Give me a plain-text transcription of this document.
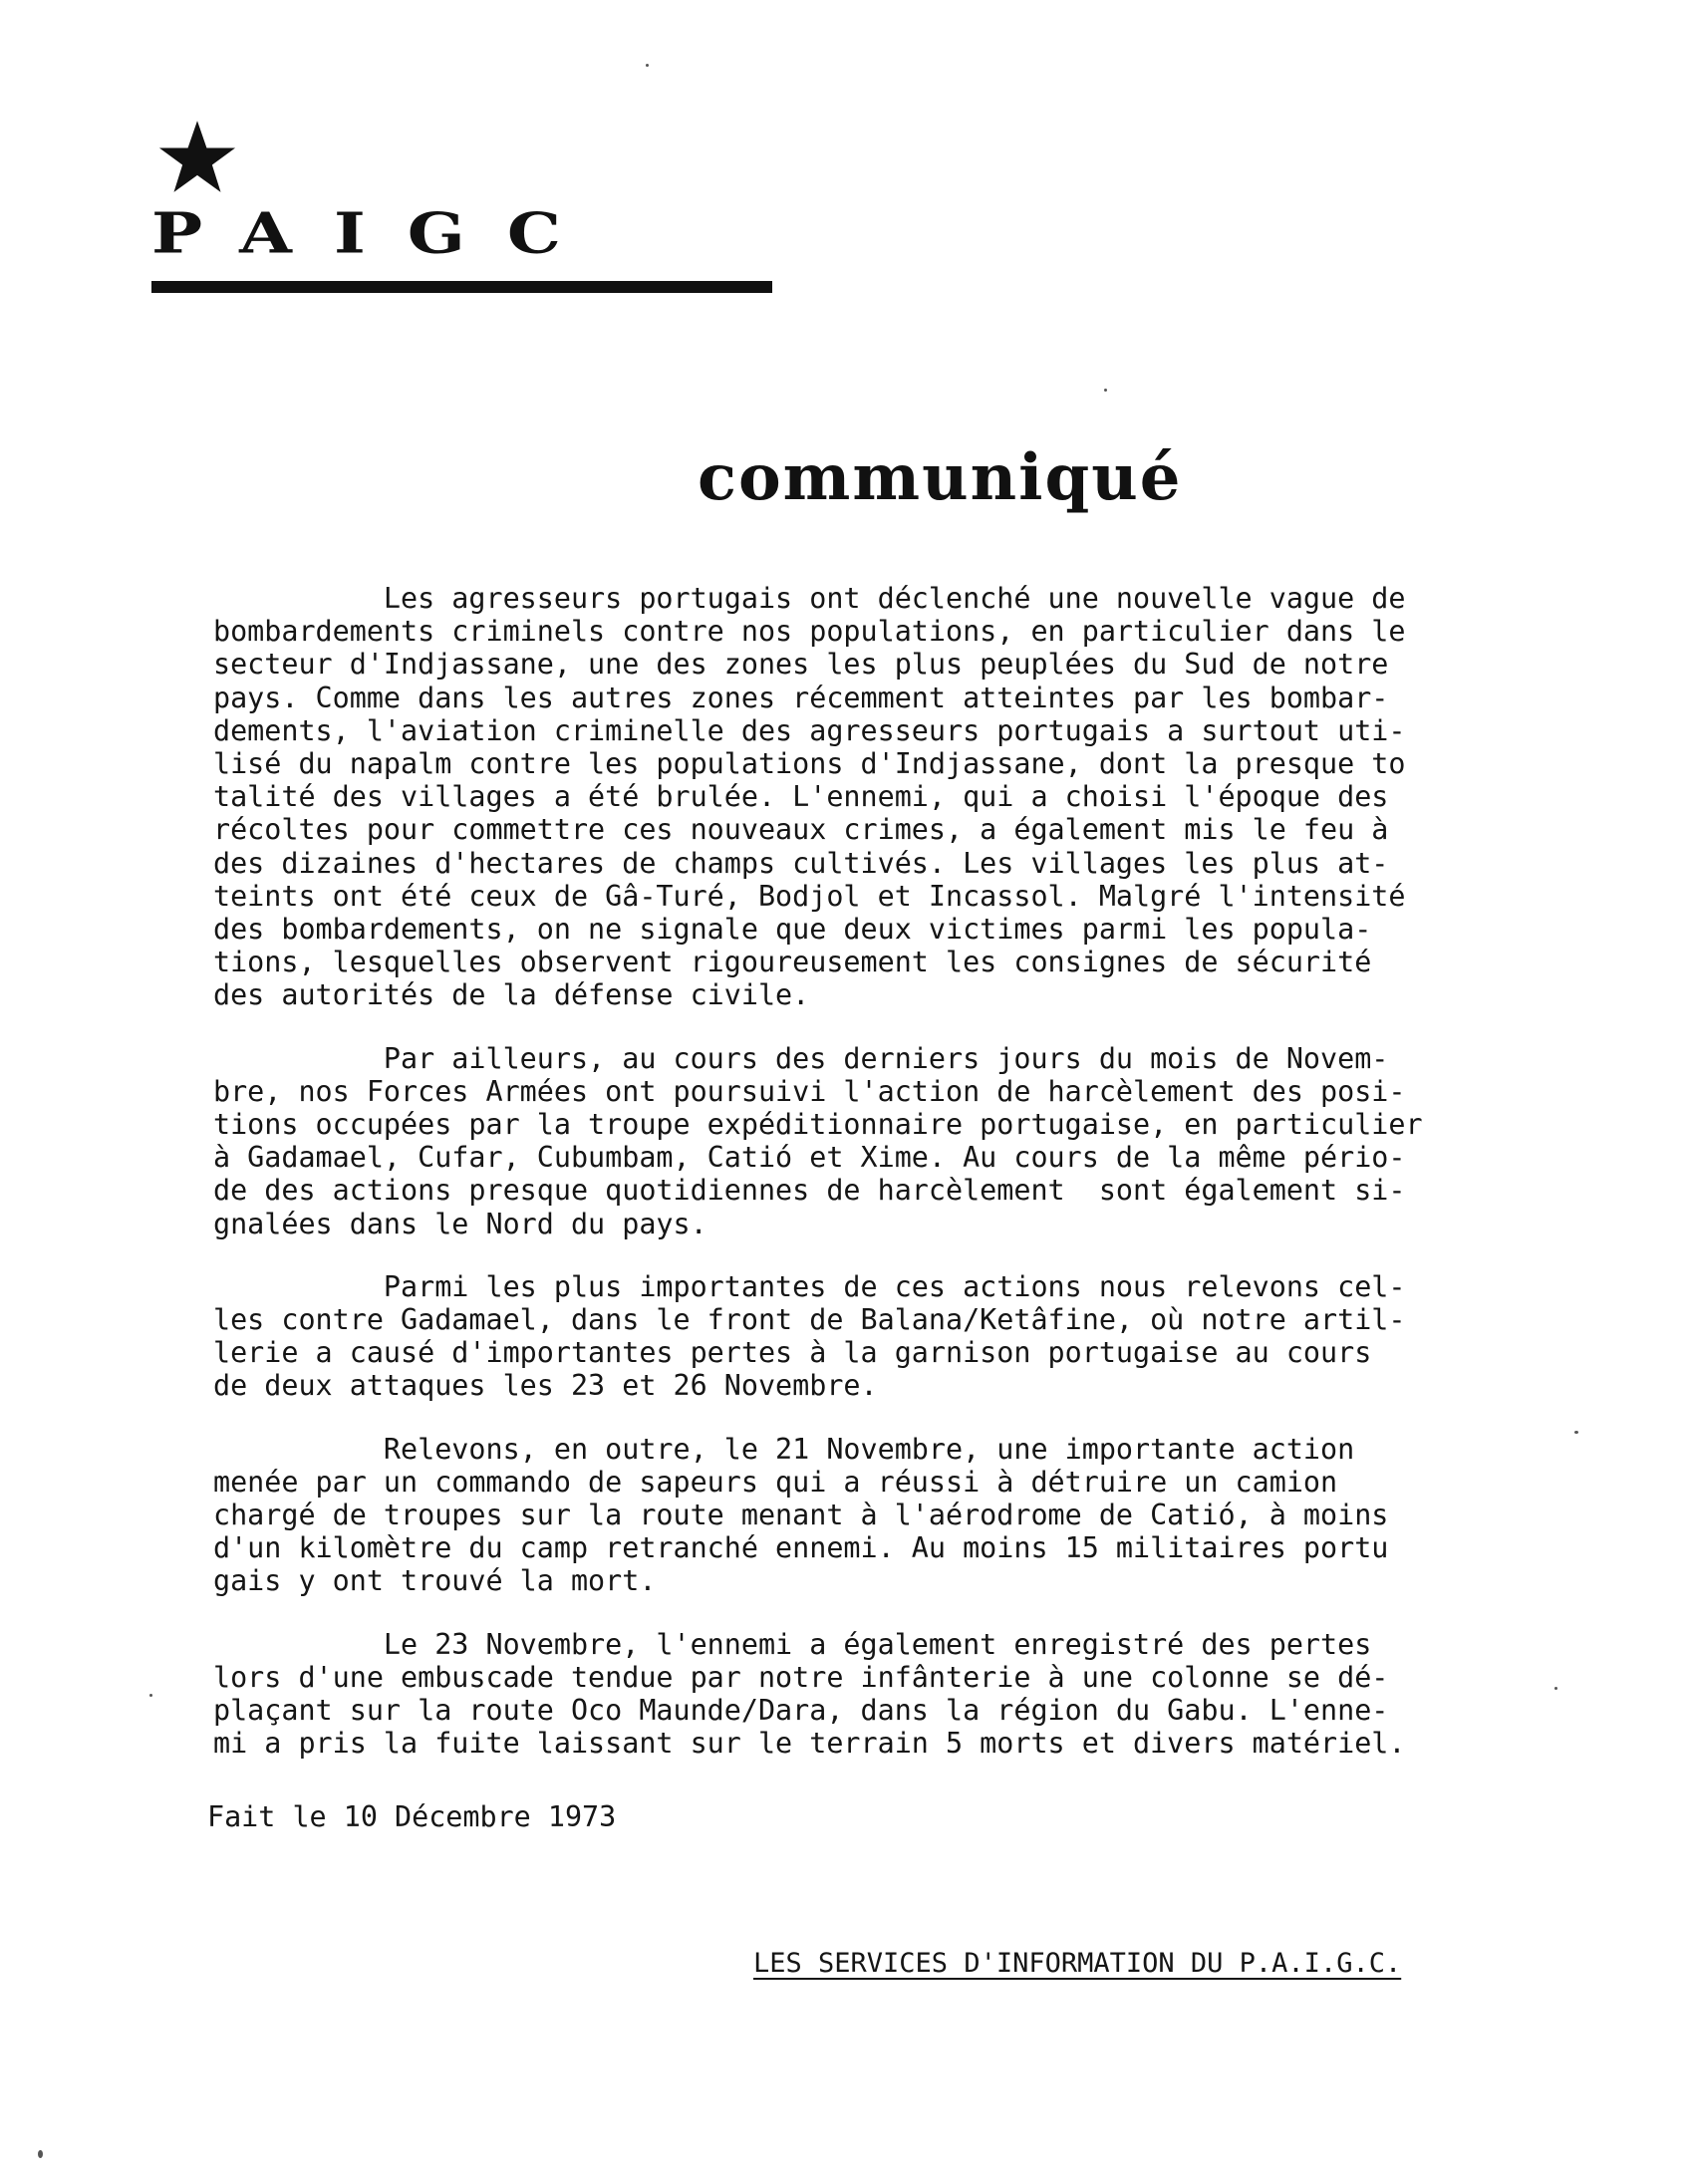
PAIGC
communiqué
Les agresseurs portugais ont déclenché une nouvelle vague de
bombardements criminels contre nos populations, en particulier dans le
secteur d'Indjassane, une des zones les plus peuplées du Sud de notre
pays. Comme dans les autres zones récemment atteintes par les bombar-
dements, l'aviation criminelle des agresseurs portugais a surtout uti-
lisé du napalm contre les populations d'Indjassane, dont la presque to
talité des villages a été brulée. L'ennemi, qui a choisi l'époque des
récoltes pour commettre ces nouveaux crimes, a également mis le feu à
des dizaines d'hectares de champs cultivés. Les villages les plus at-
teints ont été ceux de Gâ-Turé, Bodjol et Incassol. Malgré l'intensité
des bombardements, on ne signale que deux victimes parmi les popula-
tions, lesquelles observent rigoureusement les consignes de sécurité
des autorités de la défense civile.
Par ailleurs, au cours des derniers jours du mois de Novem-
bre, nos Forces Armées ont poursuivi l'action de harcèlement des posi-
tions occupées par la troupe expéditionnaire portugaise, en particulier
à Gadamael, Cufar, Cubumbam, Catió et Xime. Au cours de la même pério-
de des actions presque quotidiennes de harcèlement  sont également si-
gnalées dans le Nord du pays.
Parmi les plus importantes de ces actions nous relevons cel-
les contre Gadamael, dans le front de Balana/Ketâfine, où notre artil-
lerie a causé d'importantes pertes à la garnison portugaise au cours
de deux attaques les 23 et 26 Novembre.
Relevons, en outre, le 21 Novembre, une importante action
menée par un commando de sapeurs qui a réussi à détruire un camion
chargé de troupes sur la route menant à l'aérodrome de Catió, à moins
d'un kilomètre du camp retranché ennemi. Au moins 15 militaires portu
gais y ont trouvé la mort.
Le 23 Novembre, l'ennemi a également enregistré des pertes
lors d'une embuscade tendue par notre infânterie à une colonne se dé-
plaçant sur la route Oco Maunde/Dara, dans la région du Gabu. L'enne-
mi a pris la fuite laissant sur le terrain 5 morts et divers matériel.
Fait le 10 Décembre 1973
LES SERVICES D'INFORMATION DU P.A.I.G.C.
